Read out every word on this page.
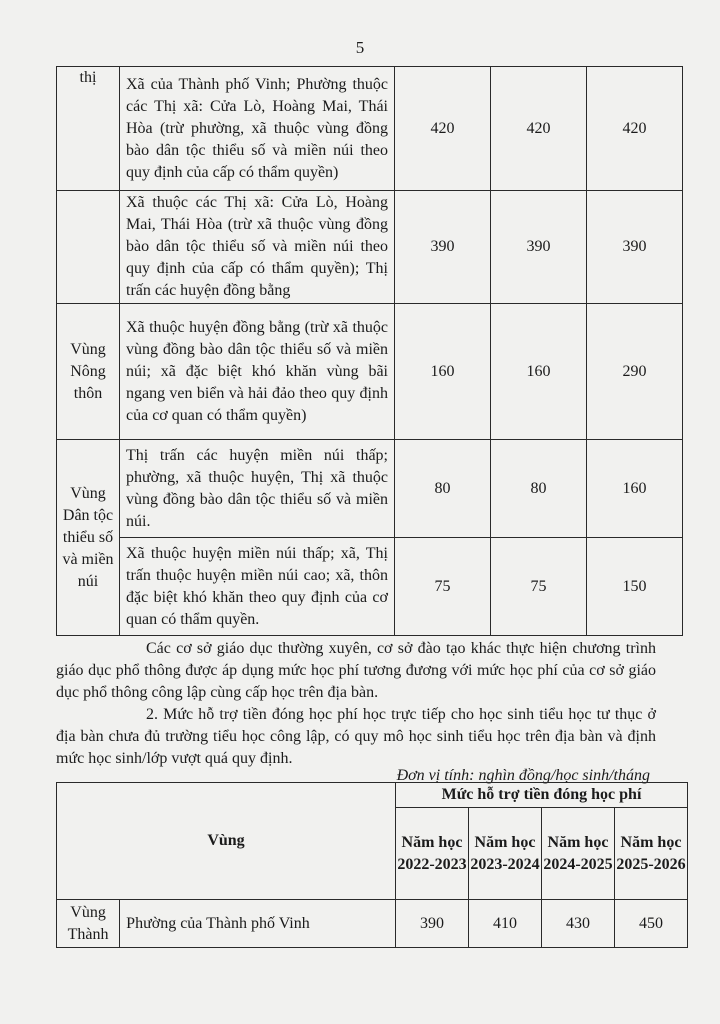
5
thị	Xã của Thành phố Vinh; Phường thuộc các Thị xã: Cửa Lò, Hoàng Mai, Thái Hòa (trừ phường, xã thuộc vùng đồng bào dân tộc thiểu số và miền núi theo quy định của cấp có thẩm quyền)	420	420	420
	Xã thuộc các Thị xã: Cửa Lò, Hoàng Mai, Thái Hòa (trừ xã thuộc vùng đồng bào dân tộc thiểu số và miền núi theo quy định của cấp có thẩm quyền); Thị trấn các huyện đồng bằng	390	390	390
Vùng Nông thôn	Xã thuộc huyện đồng bằng (trừ xã thuộc vùng đồng bào dân tộc thiểu số và miền núi; xã đặc biệt khó khăn vùng bãi ngang ven biển và hải đảo theo quy định của cơ quan có thẩm quyền)	160	160	290
Vùng Dân tộc thiểu số và miền núi	Thị trấn các huyện miền núi thấp; phường, xã thuộc huyện, Thị xã thuộc vùng đồng bào dân tộc thiểu số và miền núi.	80	80	160
	Xã thuộc huyện miền núi thấp; xã, Thị trấn thuộc huyện miền núi cao; xã, thôn đặc biệt khó khăn theo quy định của cơ quan có thẩm quyền.	75	75	150
Các cơ sở giáo dục thường xuyên, cơ sở đào tạo khác thực hiện chương trình giáo dục phổ thông được áp dụng mức học phí tương đương với mức học phí của cơ sở giáo dục phổ thông công lập cùng cấp học trên địa bàn.
2. Mức hỗ trợ tiền đóng học phí học trực tiếp cho học sinh tiểu học tư thục ở địa bàn chưa đủ trường tiểu học công lập, có quy mô học sinh tiểu học trên địa bàn và định mức học sinh/lớp vượt quá quy định.
Đơn vị tính: nghìn đồng/học sinh/tháng
Vùng		Mức hỗ trợ tiền đóng học phí			
		Năm học 2022-2023	Năm học 2023-2024	Năm học 2024-2025	Năm học 2025-2026
Vùng Thành	Phường của Thành phố Vinh	390	410	430	450
